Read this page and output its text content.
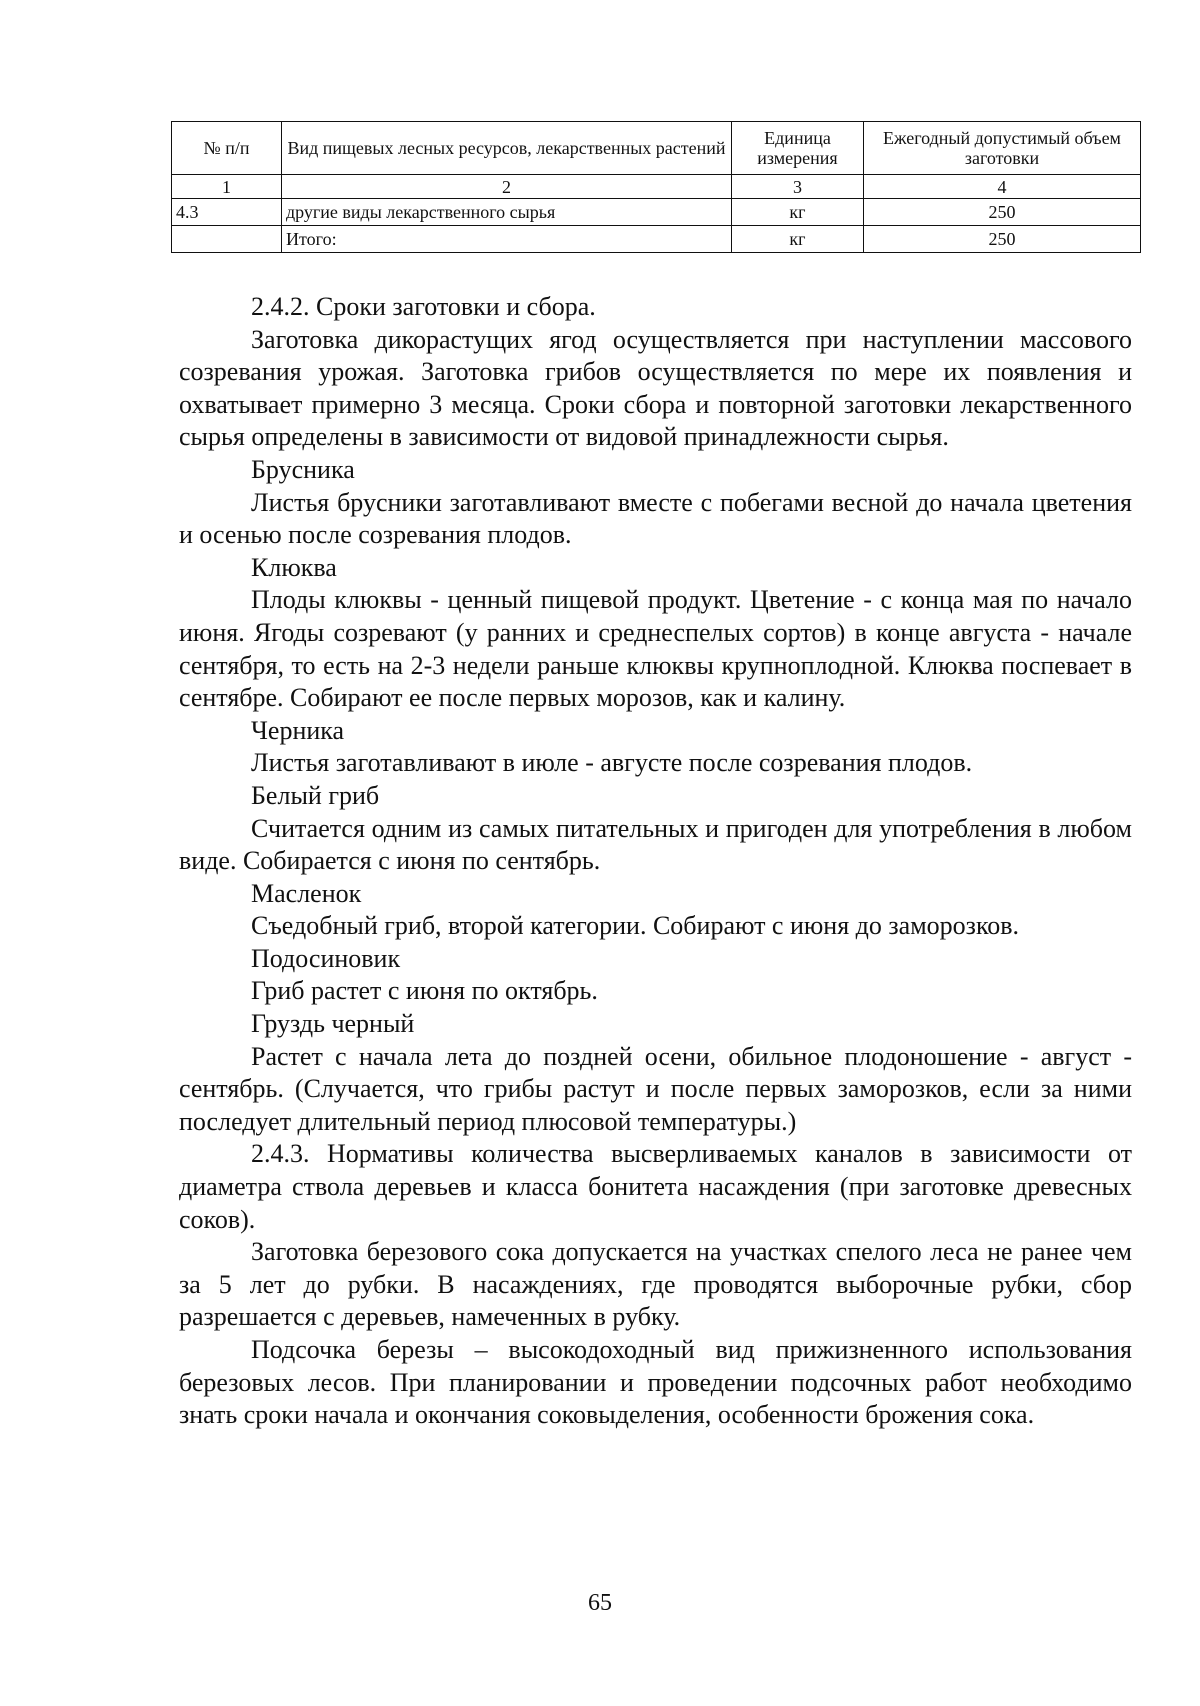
№ п/п	Вид пищевых лесных ресурсов, лекарственных растений	Единица измерения	Ежегодный допустимый объем заготовки
1	2	3	4
4.3	другие виды лекарственного сырья	кг	250
	Итого:	кг	250

2.4.2. Сроки заготовки и сбора.

Заготовка дикорастущих ягод осуществляется при наступлении массового созревания урожая. Заготовка грибов осуществляется по мере их появления и охватывает примерно 3 месяца. Сроки сбора и повторной заготовки лекарственного сырья определены в зависимости от видовой принадлежности сырья.

Брусника

Листья брусники заготавливают вместе с побегами весной до начала цветения и осенью после созревания плодов.

Клюква

Плоды клюквы - ценный пищевой продукт. Цветение - с конца мая по начало июня. Ягоды созревают (у ранних и среднеспелых сортов) в конце августа - начале сентября, то есть на 2-3 недели раньше клюквы крупноплодной. Клюква поспевает в сентябре. Собирают ее после первых морозов, как и калину.

Черника

Листья заготавливают в июле - августе после созревания плодов.

Белый гриб

Считается одним из самых питательных и пригоден для употребления в любом виде. Собирается с июня по сентябрь.

Масленок

Съедобный гриб, второй категории. Собирают с июня до заморозков.

Подосиновик

Гриб растет с июня по октябрь.

Груздь черный

Растет с начала лета до поздней осени, обильное плодоношение - август - сентябрь. (Случается, что грибы растут и после первых заморозков, если за ними последует длительный период плюсовой температуры.)

2.4.3. Нормативы количества высверливаемых каналов в зависимости от диаметра ствола деревьев и класса бонитета насаждения (при заготовке древесных соков).

Заготовка березового сока допускается на участках спелого леса не ранее чем за 5 лет до рубки. В насаждениях, где проводятся выборочные рубки, сбор разрешается с деревьев, намеченных в рубку.

Подсочка березы – высокодоходный вид прижизненного использования березовых лесов. При планировании и проведении подсочных работ необходимо знать сроки начала и окончания соковыделения, особенности брожения сока.

65
